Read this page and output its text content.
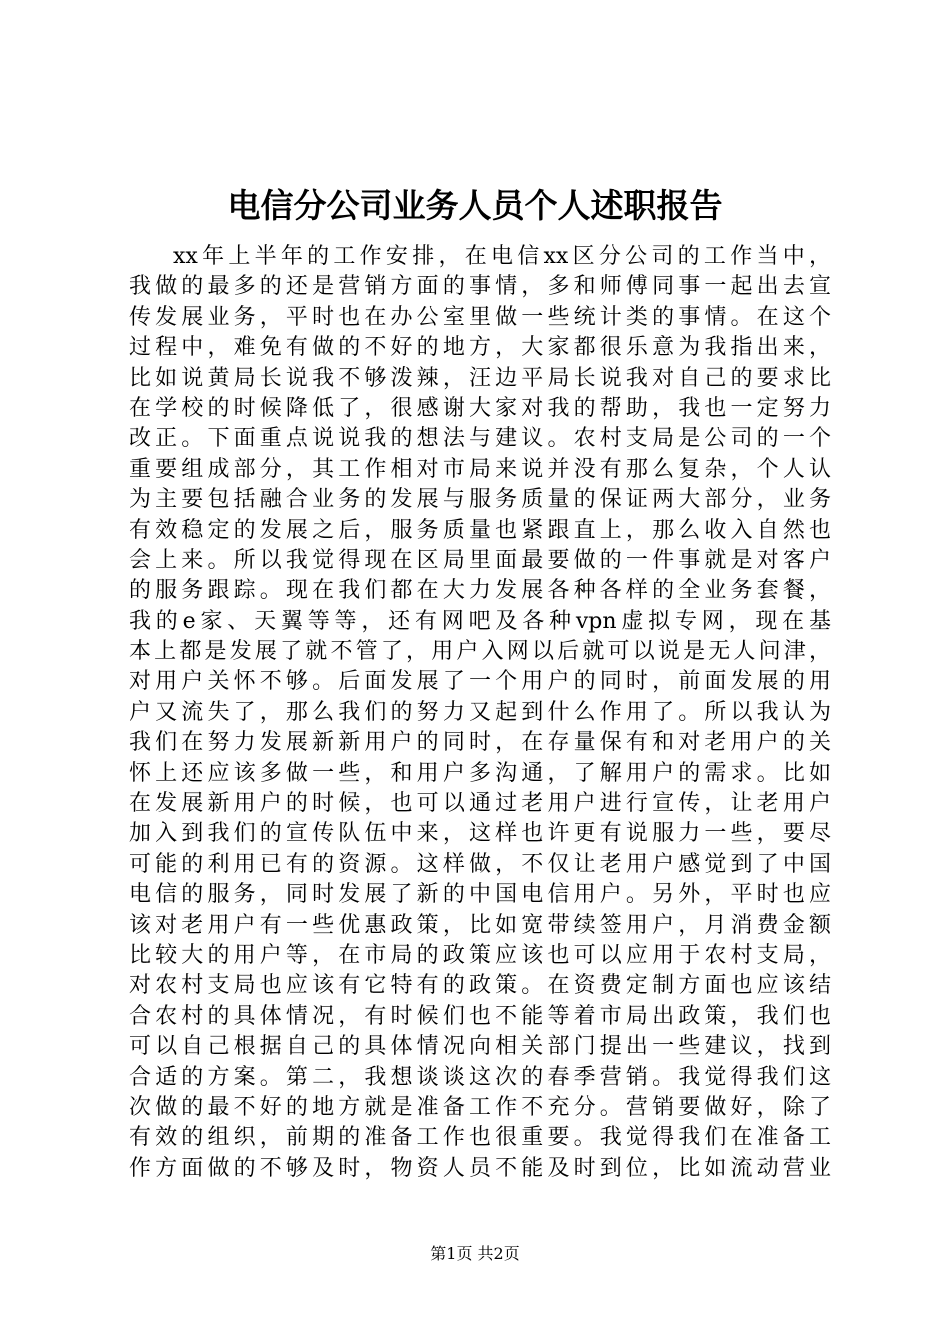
电信分公司业务人员个人述职报告
xx年上半年的工作安排，在电信xx区分公司的工作当中，
我做的最多的还是营销方面的事情，多和师傅同事一起出去宣
传发展业务，平时也在办公室里做一些统计类的事情。在这个
过程中，难免有做的不好的地方，大家都很乐意为我指出来，
比如说黄局长说我不够泼辣，汪边平局长说我对自己的要求比
在学校的时候降低了，很感谢大家对我的帮助，我也一定努力
改正。下面重点说说我的想法与建议。农村支局是公司的一个
重要组成部分，其工作相对市局来说并没有那么复杂，个人认
为主要包括融合业务的发展与服务质量的保证两大部分，业务
有效稳定的发展之后，服务质量也紧跟直上，那么收入自然也
会上来。所以我觉得现在区局里面最要做的一件事就是对客户
的服务跟踪。现在我们都在大力发展各种各样的全业务套餐，
我的e家、天翼等等，还有网吧及各种vpn虚拟专网，现在基
本上都是发展了就不管了，用户入网以后就可以说是无人问津，
对用户关怀不够。后面发展了一个用户的同时，前面发展的用
户又流失了，那么我们的努力又起到什么作用了。所以我认为
我们在努力发展新新用户的同时，在存量保有和对老用户的关
怀上还应该多做一些，和用户多沟通，了解用户的需求。比如
在发展新用户的时候，也可以通过老用户进行宣传，让老用户
加入到我们的宣传队伍中来，这样也许更有说服力一些，要尽
可能的利用已有的资源。这样做，不仅让老用户感觉到了中国
电信的服务，同时发展了新的中国电信用户。另外，平时也应
该对老用户有一些优惠政策，比如宽带续签用户，月消费金额
比较大的用户等，在市局的政策应该也可以应用于农村支局，
对农村支局也应该有它特有的政策。在资费定制方面也应该结
合农村的具体情况，有时候们也不能等着市局出政策，我们也
可以自己根据自己的具体情况向相关部门提出一些建议，找到
合适的方案。第二，我想谈谈这次的春季营销。我觉得我们这
次做的最不好的地方就是准备工作不充分。营销要做好，除了
有效的组织，前期的准备工作也很重要。我觉得我们在准备工
作方面做的不够及时，物资人员不能及时到位，比如流动营业
第1页 共2页
